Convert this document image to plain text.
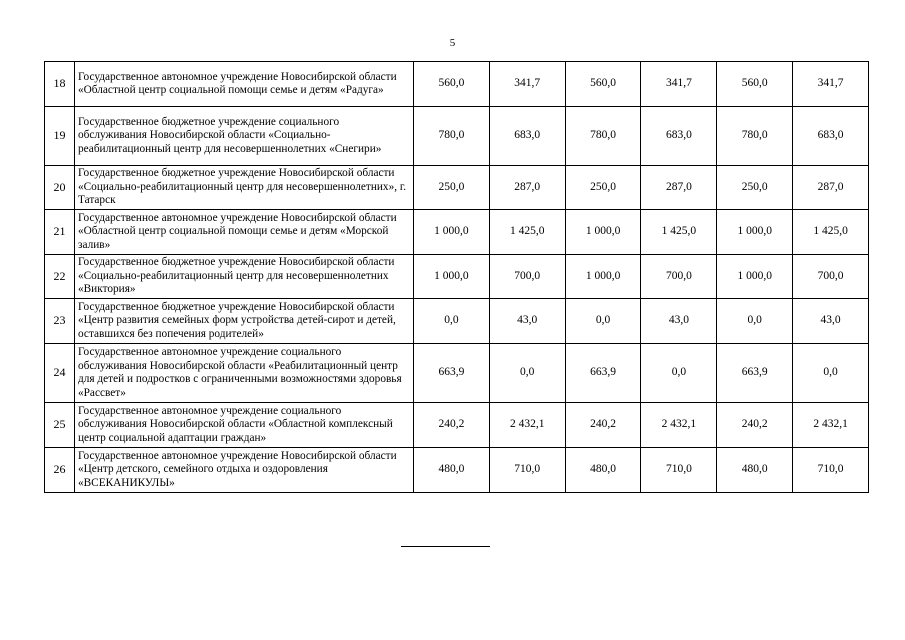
5
18	Государственное автономное учреждение Новосибирской области «Областной центр социальной помощи семье и детям «Радуга»	560,0	341,7	560,0	341,7	560,0	341,7
19	Государственное бюджетное учреждение социального обслуживания Новосибирской области «Социально-реабилитационный центр для несовершеннолетних «Снегири»	780,0	683,0	780,0	683,0	780,0	683,0
20	Государственное бюджетное учреждение Новосибирской области «Социально-реабилитационный центр для несовершеннолетних», г. Татарск	250,0	287,0	250,0	287,0	250,0	287,0
21	Государственное автономное учреждение Новосибирской области «Областной центр социальной помощи семье и детям «Морской залив»	1 000,0	1 425,0	1 000,0	1 425,0	1 000,0	1 425,0
22	Государственное бюджетное учреждение Новосибирской области «Социально-реабилитационный центр для несовершеннолетних «Виктория»	1 000,0	700,0	1 000,0	700,0	1 000,0	700,0
23	Государственное бюджетное учреждение Новосибирской области «Центр развития семейных форм устройства детей-сирот и детей, оставшихся без попечения родителей»	0,0	43,0	0,0	43,0	0,0	43,0
24	Государственное автономное учреждение социального обслуживания Новосибирской области «Реабилитационный центр для детей и подростков с ограниченными возможностями здоровья «Рассвет»	663,9	0,0	663,9	0,0	663,9	0,0
25	Государственное автономное учреждение социального обслуживания Новосибирской области «Областной комплексный центр социальной адаптации граждан»	240,2	2 432,1	240,2	2 432,1	240,2	2 432,1
26	Государственное автономное учреждение Новосибирской области «Центр детского, семейного отдыха и оздоровления «ВСЕКАНИКУЛЫ»	480,0	710,0	480,0	710,0	480,0	710,0
